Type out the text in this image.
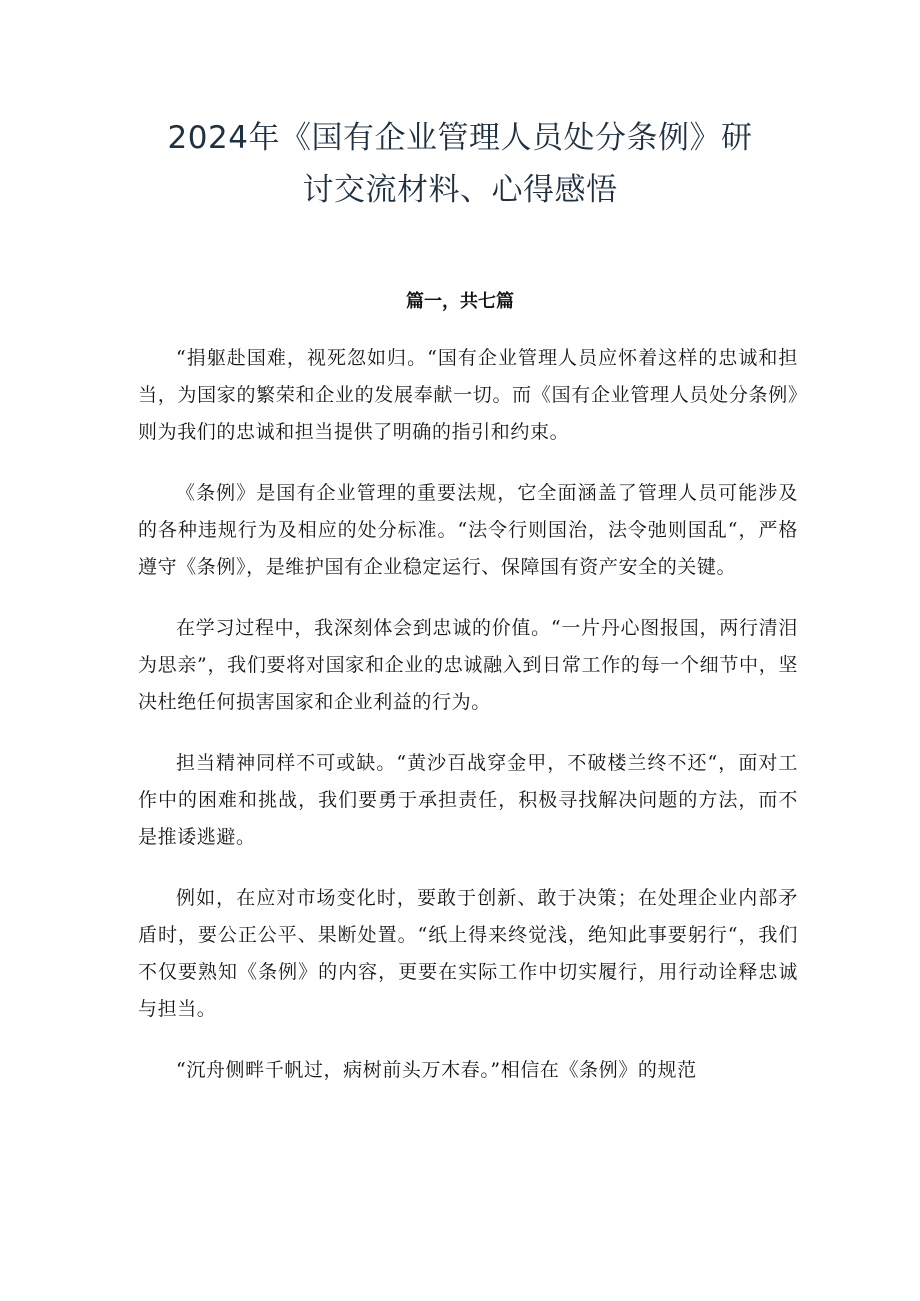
2024年《国有企业管理人员处分条例》研
讨交流材料、心得感悟
篇一，共七篇

“捐躯赴国难，视死忽如归。“国有企业管理人员应怀着这样的忠诚和担当，为国家的繁荣和企业的发展奉献一切。而《国有企业管理人员处分条例》则为我们的忠诚和担当提供了明确的指引和约束。

《条例》是国有企业管理的重要法规，它全面涵盖了管理人员可能涉及的各种违规行为及相应的处分标准。“法令行则国治，法令弛则国乱“，严格遵守《条例》，是维护国有企业稳定运行、保障国有资产安全的关键。

在学习过程中，我深刻体会到忠诚的价值。“一片丹心图报国，两行清泪为思亲”，我们要将对国家和企业的忠诚融入到日常工作的每一个细节中，坚决杜绝任何损害国家和企业利益的行为。

担当精神同样不可或缺。“黄沙百战穿金甲，不破楼兰终不还“，面对工作中的困难和挑战，我们要勇于承担责任，积极寻找解决问题的方法，而不是推诿逃避。

例如，在应对市场变化时，要敢于创新、敢于决策；在处理企业内部矛盾时，要公正公平、果断处置。“纸上得来终觉浅，绝知此事要躬行“，我们不仅要熟知《条例》的内容，更要在实际工作中切实履行，用行动诠释忠诚与担当。

“沉舟侧畔千帆过，病树前头万木春。”相信在《条例》的规范
